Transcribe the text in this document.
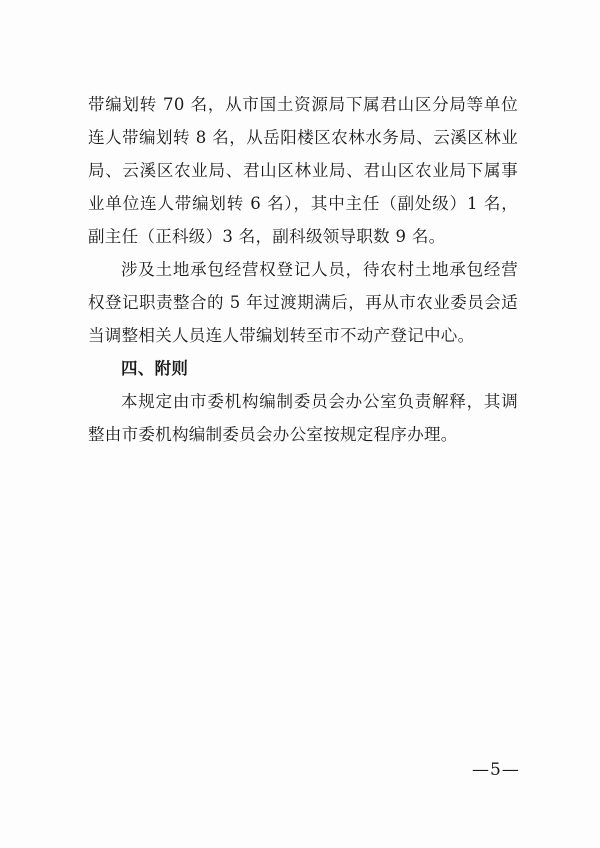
带编划转 70 名，从市国土资源局下属君山区分局等单位连人带编划转 8 名，从岳阳楼区农林水务局、云溪区林业局、云溪区农业局、君山区林业局、君山区农业局下属事业单位连人带编划转 6 名），其中主任（副处级）1 名，副主任（正科级）3 名，副科级领导职数 9 名。

涉及土地承包经营权登记人员，待农村土地承包经营权登记职责整合的 5 年过渡期满后，再从市农业委员会适当调整相关人员连人带编划转至市不动产登记中心。

四、附则

本规定由市委机构编制委员会办公室负责解释，其调整由市委机构编制委员会办公室按规定程序办理。

—5—
